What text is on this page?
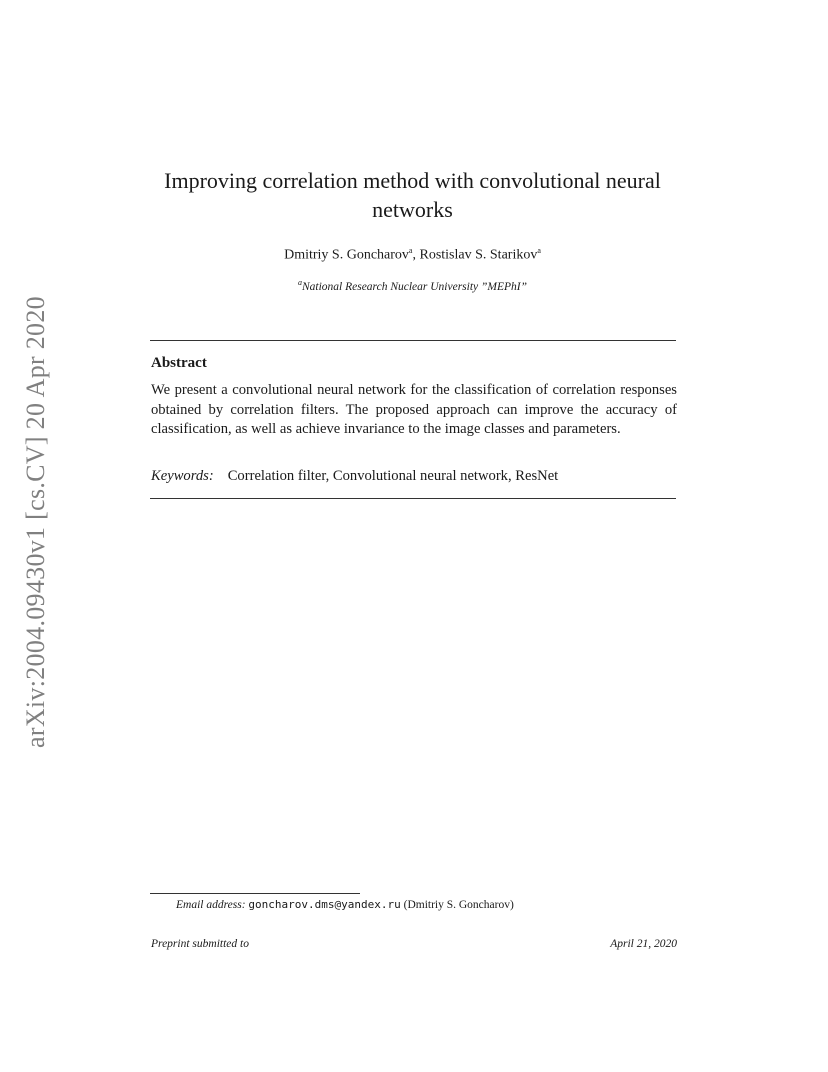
arXiv:2004.09430v1 [cs.CV] 20 Apr 2020
Improving correlation method with convolutional neural networks
Dmitriy S. Goncharov$^a$, Rostislav S. Starikov$^a$
$^a$National Research Nuclear University ”MEPhI”
Abstract
We present a convolutional neural network for the classification of correlation responses obtained by correlation filters. The proposed approach can improve the accuracy of classification, as well as achieve invariance to the image classes and parameters.
Keywords: Correlation filter, Convolutional neural network, ResNet
Email address: goncharov.dms@yandex.ru (Dmitriy S. Goncharov)
Preprint submitted to	April 21, 2020
